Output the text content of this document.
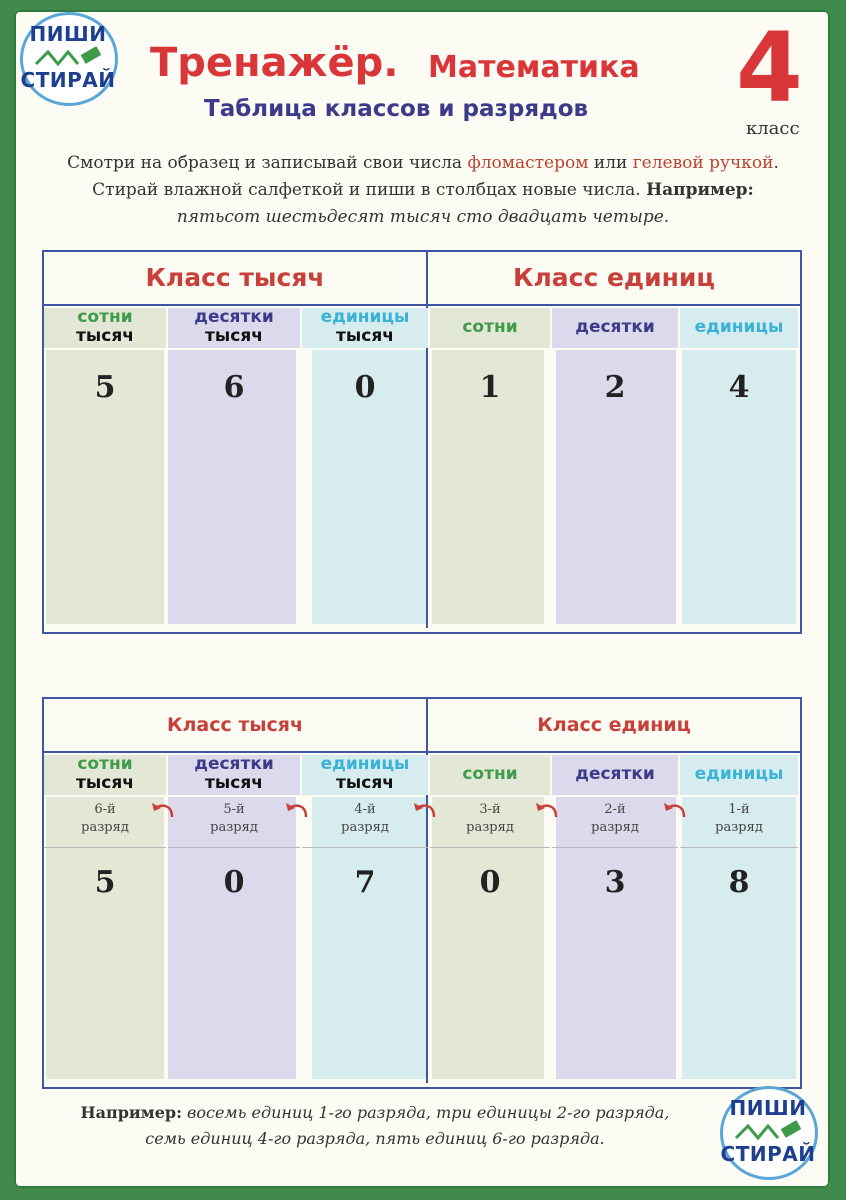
ПИШИ
СТИРАЙ Тренажёр. Математика
Таблица классов и разрядов 4
класс
Смотри на образец и записывай свои числа фломастером или гелевой ручкой.
Стирай влажной салфеткой и пиши в столбцах новые числа. Например:
пятьсот шестьдесят тысяч сто двадцать четыре.
Класс тысяч	Класс единиц
сотни
тысяч
5
десятки
тысяч
6
единицы
тысяч
0
сотни
1
десятки
2
единицы
4
Класс тысяч	Класс единиц
сотни
тысяч
6-й
разряд
5
десятки
тысяч
5-й
разряд
0
единицы
тысяч
4-й
разряд
7
сотни
3-й
разряд
0
десятки
2-й
разряд
3
единицы
1-й
разряд
8
Например: восемь единиц 1-го разряда, три единицы 2-го разряда,
семь единиц 4-го разряда, пять единиц 6-го разряда.
ПИШИ
СТИРАЙ
